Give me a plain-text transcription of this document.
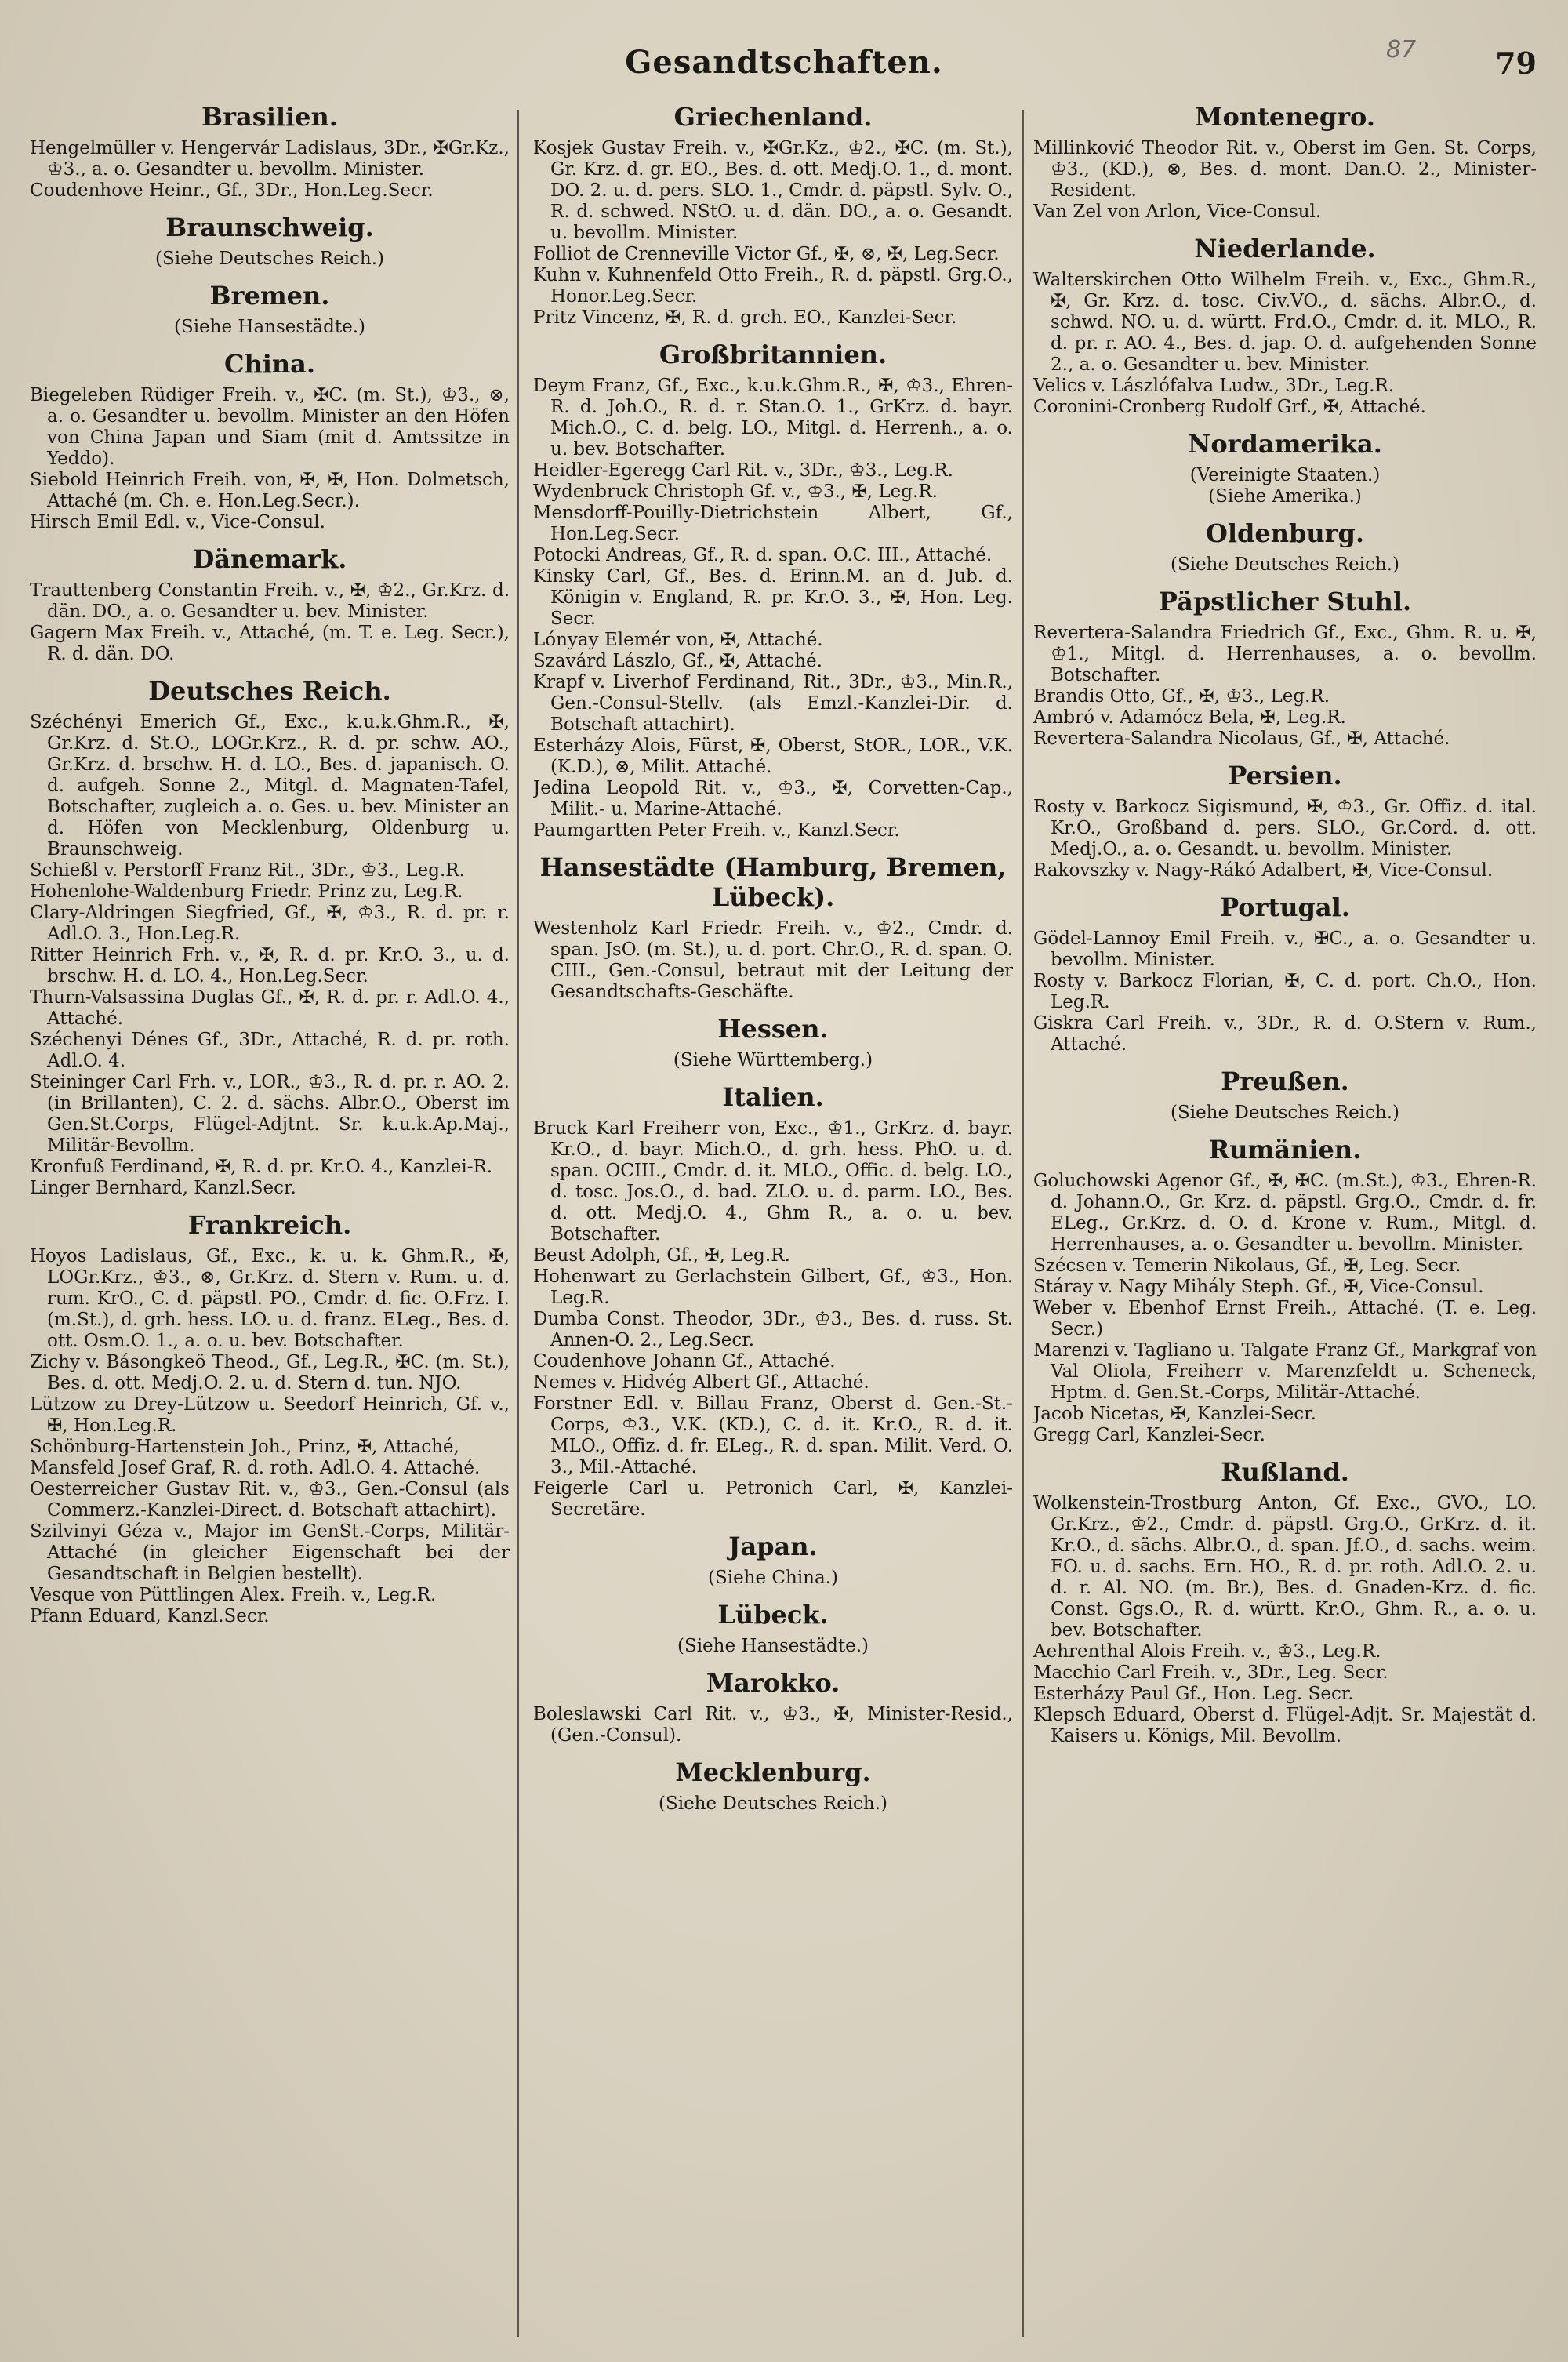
Gesandtschaften.	87	79
Brasilien.

Hengelmüller v. Hengervár Ladislaus, 3Dr., ✠Gr.Kz., ♔3., a. o. Gesandter u. bevollm. Minister.

Coudenhove Heinr., Gf., 3Dr., Hon.Leg.Secr.

Braunschweig.
(Siehe Deutsches Reich.)
Bremen.
(Siehe Hansestädte.)
China.

Biegeleben Rüdiger Freih. v., ✠C. (m. St.), ♔3., ⊗, a. o. Gesandter u. bevollm. Minister an den Höfen von China Japan und Siam (mit d. Amtssitze in Yeddo).

Siebold Heinrich Freih. von, ✠, ✠, Hon. Dolmetsch, Attaché (m. Ch. e. Hon.Leg.Secr.).

Hirsch Emil Edl. v., Vice-Consul.

Dänemark.

Trauttenberg Constantin Freih. v., ✠, ♔2., Gr.Krz. d. dän. DO., a. o. Gesandter u. bev. Minister.

Gagern Max Freih. v., Attaché, (m. T. e. Leg. Secr.), R. d. dän. DO.

Deutsches Reich.

Széchényi Emerich Gf., Exc., k.u.k.Ghm.R., ✠, Gr.Krz. d. St.O., LOGr.Krz., R. d. pr. schw. AO., Gr.Krz. d. brschw. H. d. LO., Bes. d. japanisch. O. d. aufgeh. Sonne 2., Mitgl. d. Magnaten-Tafel, Botschafter, zugleich a. o. Ges. u. bev. Minister an d. Höfen von Mecklenburg, Oldenburg u. Braunschweig.

Schießl v. Perstorff Franz Rit., 3Dr., ♔3., Leg.R.

Hohenlohe-Waldenburg Friedr. Prinz zu, Leg.R.

Clary-Aldringen Siegfried, Gf., ✠, ♔3., R. d. pr. r. Adl.O. 3., Hon.Leg.R.

Ritter Heinrich Frh. v., ✠, R. d. pr. Kr.O. 3., u. d. brschw. H. d. LO. 4., Hon.Leg.Secr.

Thurn-Valsassina Duglas Gf., ✠, R. d. pr. r. Adl.O. 4., Attaché.

Széchenyi Dénes Gf., 3Dr., Attaché, R. d. pr. roth. Adl.O. 4.

Steininger Carl Frh. v., LOR., ♔3., R. d. pr. r. AO. 2. (in Brillanten), C. 2. d. sächs. Albr.O., Oberst im Gen.St.Corps, Flügel-Adjtnt. Sr. k.u.k.Ap.Maj., Militär-Bevollm.

Kronfuß Ferdinand, ✠, R. d. pr. Kr.O. 4., Kanzlei-R.

Linger Bernhard, Kanzl.Secr.

Frankreich.

Hoyos Ladislaus, Gf., Exc., k. u. k. Ghm.R., ✠, LOGr.Krz., ♔3., ⊗, Gr.Krz. d. Stern v. Rum. u. d. rum. KrO., C. d. päpstl. PO., Cmdr. d. fic. O.Frz. I. (m.St.), d. grh. hess. LO. u. d. franz. ELeg., Bes. d. ott. Osm.O. 1., a. o. u. bev. Botschafter.

Zichy v. Básongkeö Theod., Gf., Leg.R., ✠C. (m. St.), Bes. d. ott. Medj.O. 2. u. d. Stern d. tun. NJO.

Lützow zu Drey-Lützow u. Seedorf Heinrich, Gf. v., ✠, Hon.Leg.R.

Schönburg-Hartenstein Joh., Prinz, ✠, Attaché,

Mansfeld Josef Graf, R. d. roth. Adl.O. 4. Attaché.

Oesterreicher Gustav Rit. v., ♔3., Gen.-Consul (als Commerz.-Kanzlei-Direct. d. Botschaft attachirt).

Szilvinyi Géza v., Major im GenSt.-Corps, Militär-Attaché (in gleicher Eigenschaft bei der Gesandtschaft in Belgien bestellt).

Vesque von Püttlingen Alex. Freih. v., Leg.R.

Pfann Eduard, Kanzl.Secr.

Griechenland.

Kosjek Gustav Freih. v., ✠Gr.Kz., ♔2., ✠C. (m. St.), Gr. Krz. d. gr. EO., Bes. d. ott. Medj.O. 1., d. mont. DO. 2. u. d. pers. SLO. 1., Cmdr. d. päpstl. Sylv. O., R. d. schwed. NStO. u. d. dän. DO., a. o. Gesandt. u. bevollm. Minister.

Folliot de Crenneville Victor Gf., ✠, ⊗, ✠, Leg.Secr.

Kuhn v. Kuhnenfeld Otto Freih., R. d. päpstl. Grg.O., Honor.Leg.Secr.

Pritz Vincenz, ✠, R. d. grch. EO., Kanzlei-Secr.

Großbritannien.

Deym Franz, Gf., Exc., k.u.k.Ghm.R., ✠, ♔3., Ehren-R. d. Joh.O., R. d. r. Stan.O. 1., GrKrz. d. bayr. Mich.O., C. d. belg. LO., Mitgl. d. Herrenh., a. o. u. bev. Botschafter.

Heidler-Egeregg Carl Rit. v., 3Dr., ♔3., Leg.R.

Wydenbruck Christoph Gf. v., ♔3., ✠, Leg.R.

Mensdorff-Pouilly-Dietrichstein Albert, Gf., Hon.Leg.Secr.

Potocki Andreas, Gf., R. d. span. O.C. III., Attaché.

Kinsky Carl, Gf., Bes. d. Erinn.M. an d. Jub. d. Königin v. England, R. pr. Kr.O. 3., ✠, Hon. Leg. Secr.

Lónyay Elemér von, ✠, Attaché.

Szavárd Lászlo, Gf., ✠, Attaché.

Krapf v. Liverhof Ferdinand, Rit., 3Dr., ♔3., Min.R., Gen.-Consul-Stellv. (als Emzl.-Kanzlei-Dir. d. Botschaft attachirt).

Esterházy Alois, Fürst, ✠, Oberst, StOR., LOR., V.K. (K.D.), ⊗, Milit. Attaché.

Jedina Leopold Rit. v., ♔3., ✠, Corvetten-Cap., Milit.- u. Marine-Attaché.

Paumgartten Peter Freih. v., Kanzl.Secr.

Hansestädte (Hamburg, Bremen, Lübeck).

Westenholz Karl Friedr. Freih. v., ♔2., Cmdr. d. span. JsO. (m. St.), u. d. port. Chr.O., R. d. span. O. CIII., Gen.-Consul, betraut mit der Leitung der Gesandtschafts-Geschäfte.

Hessen.
(Siehe Württemberg.)
Italien.

Bruck Karl Freiherr von, Exc., ♔1., GrKrz. d. bayr. Kr.O., d. bayr. Mich.O., d. grh. hess. PhO. u. d. span. OCIII., Cmdr. d. it. MLO., Offic. d. belg. LO., d. tosc. Jos.O., d. bad. ZLO. u. d. parm. LO., Bes. d. ott. Medj.O. 4., Ghm R., a. o. u. bev. Botschafter.

Beust Adolph, Gf., ✠, Leg.R.

Hohenwart zu Gerlachstein Gilbert, Gf., ♔3., Hon. Leg.R.

Dumba Const. Theodor, 3Dr., ♔3., Bes. d. russ. St. Annen-O. 2., Leg.Secr.

Coudenhove Johann Gf., Attaché.

Nemes v. Hidvég Albert Gf., Attaché.

Forstner Edl. v. Billau Franz, Oberst d. Gen.-St.-Corps, ♔3., V.K. (KD.), C. d. it. Kr.O., R. d. it. MLO., Offiz. d. fr. ELeg., R. d. span. Milit. Verd. O. 3., Mil.-Attaché.

Feigerle Carl u. Petronich Carl, ✠, Kanzlei-Secretäre.

Japan.
(Siehe China.)
Lübeck.
(Siehe Hansestädte.)
Marokko.

Boleslawski Carl Rit. v., ♔3., ✠, Minister-Resid., (Gen.-Consul).

Mecklenburg.
(Siehe Deutsches Reich.)
Montenegro.

Millinković Theodor Rit. v., Oberst im Gen. St. Corps, ♔3., (KD.), ⊗, Bes. d. mont. Dan.O. 2., Minister-Resident.

Van Zel von Arlon, Vice-Consul.

Niederlande.

Walterskirchen Otto Wilhelm Freih. v., Exc., Ghm.R., ✠, Gr. Krz. d. tosc. Civ.VO., d. sächs. Albr.O., d. schwd. NO. u. d. württ. Frd.O., Cmdr. d. it. MLO., R. d. pr. r. AO. 4., Bes. d. jap. O. d. aufgehenden Sonne 2., a. o. Gesandter u. bev. Minister.

Velics v. Lászlófalva Ludw., 3Dr., Leg.R.

Coronini-Cronberg Rudolf Grf., ✠, Attaché.

Nordamerika.
(Vereinigte Staaten.)
(Siehe Amerika.)
Oldenburg.
(Siehe Deutsches Reich.)
Päpstlicher Stuhl.

Revertera-Salandra Friedrich Gf., Exc., Ghm. R. u. ✠, ♔1., Mitgl. d. Herrenhauses, a. o. bevollm. Botschafter.

Brandis Otto, Gf., ✠, ♔3., Leg.R.

Ambró v. Adamócz Bela, ✠, Leg.R.

Revertera-Salandra Nicolaus, Gf., ✠, Attaché.

Persien.

Rosty v. Barkocz Sigismund, ✠, ♔3., Gr. Offiz. d. ital. Kr.O., Großband d. pers. SLO., Gr.Cord. d. ott. Medj.O., a. o. Gesandt. u. bevollm. Minister.

Rakovszky v. Nagy-Rákó Adalbert, ✠, Vice-Consul.

Portugal.

Gödel-Lannoy Emil Freih. v., ✠C., a. o. Gesandter u. bevollm. Minister.

Rosty v. Barkocz Florian, ✠, C. d. port. Ch.O., Hon. Leg.R.

Giskra Carl Freih. v., 3Dr., R. d. O.Stern v. Rum., Attaché.

Preußen.
(Siehe Deutsches Reich.)
Rumänien.

Goluchowski Agenor Gf., ✠, ✠C. (m.St.), ♔3., Ehren-R. d. Johann.O., Gr. Krz. d. päpstl. Grg.O., Cmdr. d. fr. ELeg., Gr.Krz. d. O. d. Krone v. Rum., Mitgl. d. Herrenhauses, a. o. Gesandter u. bevollm. Minister.

Szécsen v. Temerin Nikolaus, Gf., ✠, Leg. Secr.

Stáray v. Nagy Mihály Steph. Gf., ✠, Vice-Consul.

Weber v. Ebenhof Ernst Freih., Attaché. (T. e. Leg. Secr.)

Marenzi v. Tagliano u. Talgate Franz Gf., Markgraf von Val Oliola, Freiherr v. Marenzfeldt u. Scheneck, Hptm. d. Gen.St.-Corps, Militär-Attaché.

Jacob Nicetas, ✠, Kanzlei-Secr.

Gregg Carl, Kanzlei-Secr.

Rußland.

Wolkenstein-Trostburg Anton, Gf. Exc., GVO., LO. Gr.Krz., ♔2., Cmdr. d. päpstl. Grg.O., GrKrz. d. it. Kr.O., d. sächs. Albr.O., d. span. Jf.O., d. sachs. weim. FO. u. d. sachs. Ern. HO., R. d. pr. roth. Adl.O. 2. u. d. r. Al. NO. (m. Br.), Bes. d. Gnaden-Krz. d. fic. Const. Ggs.O., R. d. württ. Kr.O., Ghm. R., a. o. u. bev. Botschafter.

Aehrenthal Alois Freih. v., ♔3., Leg.R.

Macchio Carl Freih. v., 3Dr., Leg. Secr.

Esterházy Paul Gf., Hon. Leg. Secr.

Klepsch Eduard, Oberst d. Flügel-Adjt. Sr. Majestät d. Kaisers u. Königs, Mil. Bevollm.
